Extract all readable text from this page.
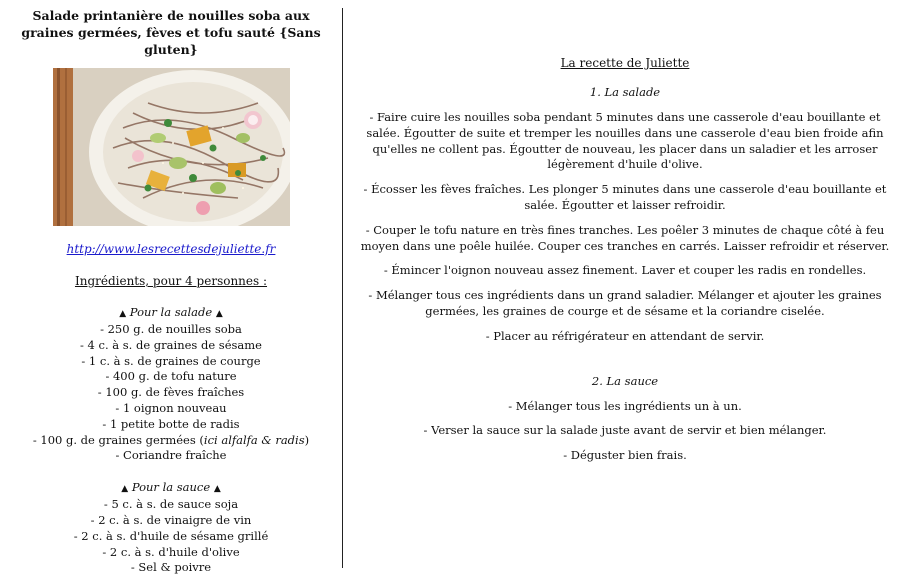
Salade printanière de nouilles soba aux graines germées, fèves et tofu sauté {Sans gluten}
http://www.lesrecettesdejuliette.fr
Ingrédients, pour 4 personnes :
▲ Pour la salade ▲
- 250 g. de nouilles soba
- 4 c. à s. de graines de sésame
- 1 c. à s. de graines de courge
- 400 g. de tofu nature
- 100 g. de fèves fraîches
- 1 oignon nouveau
- 1 petite botte de radis
- 100 g. de graines germées (ici alfalfa & radis)
- Coriandre fraîche
▲ Pour la sauce ▲
- 5 c. à s. de sauce soja
- 2 c. à s. de vinaigre de vin
- 2 c. à s. d'huile de sésame grillé
- 2 c. à s. d'huile d'olive
- Sel & poivre
La recette de Juliette
1. La salade

- Faire cuire les nouilles soba pendant 5 minutes dans une casserole d'eau bouillante et salée. Égoutter de suite et tremper les nouilles dans une casserole d'eau bien froide afin qu'elles ne collent pas. Égoutter de nouveau, les placer dans un saladier et les arroser légèrement d'huile d'olive.

- Écosser les fèves fraîches. Les plonger 5 minutes dans une casserole d'eau bouillante et salée. Égoutter et laisser refroidir.

- Couper le tofu nature en très fines tranches. Les poêler 3 minutes de chaque côté à feu moyen dans une poêle huilée. Couper ces tranches en carrés. Laisser refroidir et réserver.

- Émincer l'oignon nouveau assez finement. Laver et couper les radis en rondelles.

- Mélanger tous ces ingrédients dans un grand saladier. Mélanger et ajouter les graines germées, les graines de courge et de sésame et la coriandre ciselée.

- Placer au réfrigérateur en attendant de servir.

2. La sauce

- Mélanger tous les ingrédients un à un.

- Verser la sauce sur la salade juste avant de servir et bien mélanger.

- Déguster bien frais.
